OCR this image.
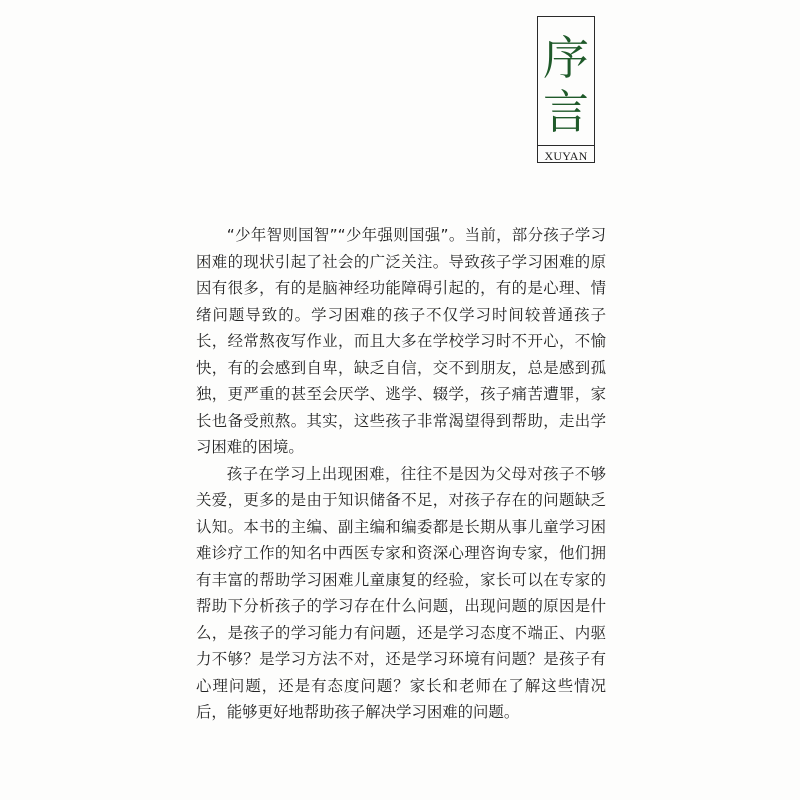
序
言
XUYAN

“少年智则国智”“少年强则国强”。当前，部分孩子学习困难的现状引起了社会的广泛关注。导致孩子学习困难的原因有很多，有的是脑神经功能障碍引起的，有的是心理、情绪问题导致的。学习困难的孩子不仅学习时间较普通孩子长，经常熬夜写作业，而且大多在学校学习时不开心，不愉快，有的会感到自卑，缺乏自信，交不到朋友，总是感到孤独，更严重的甚至会厌学、逃学、辍学，孩子痛苦遭罪，家长也备受煎熬。其实，这些孩子非常渴望得到帮助，走出学习困难的困境。

孩子在学习上出现困难，往往不是因为父母对孩子不够关爱，更多的是由于知识储备不足，对孩子存在的问题缺乏认知。本书的主编、副主编和编委都是长期从事儿童学习困难诊疗工作的知名中西医专家和资深心理咨询专家，他们拥有丰富的帮助学习困难儿童康复的经验，家长可以在专家的帮助下分析孩子的学习存在什么问题，出现问题的原因是什么，是孩子的学习能力有问题，还是学习态度不端正、内驱力不够？是学习方法不对，还是学习环境有问题？是孩子有心理问题，还是有态度问题？家长和老师在了解这些情况后，能够更好地帮助孩子解决学习困难的问题。
